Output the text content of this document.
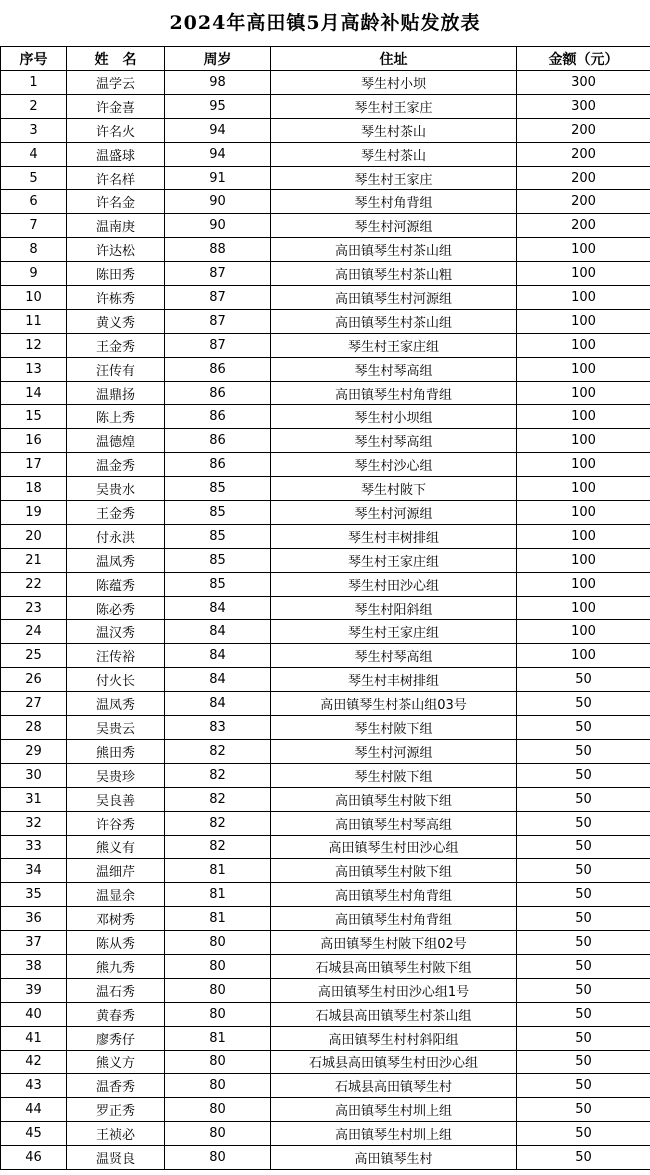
2024年高田镇5月高龄补贴发放表
序号	姓　名	周岁	住址	金额（元）
1	温学云	98	琴生村小坝	300
2	许金喜	95	琴生村王家庄	300
3	许名火	94	琴生村茶山	200
4	温盛球	94	琴生村茶山	200
5	许名样	91	琴生村王家庄	200
6	许名金	90	琴生村角背组	200
7	温南庚	90	琴生村河源组	200
8	许达松	88	高田镇琴生村茶山组	100
9	陈田秀	87	高田镇琴生村茶山粗	100
10	许栋秀	87	高田镇琴生村河源组	100
11	黄义秀	87	高田镇琴生村茶山组	100
12	王金秀	87	琴生村王家庄组	100
13	汪传有	86	琴生村琴高组	100
14	温鼎扬	86	高田镇琴生村角背组	100
15	陈上秀	86	琴生村小坝组	100
16	温德煌	86	琴生村琴高组	100
17	温金秀	86	琴生村沙心组	100
18	吴贵水	85	琴生村陂下	100
19	王金秀	85	琴生村河源组	100
20	付永洪	85	琴生村丰树排组	100
21	温凤秀	85	琴生村王家庄组	100
22	陈蕴秀	85	琴生村田沙心组	100
23	陈必秀	84	琴生村阳斜组	100
24	温汉秀	84	琴生村王家庄组	100
25	汪传裕	84	琴生村琴高组	100
26	付火长	84	琴生村丰树排组	50
27	温凤秀	84	高田镇琴生村茶山组03号	50
28	吴贵云	83	琴生村陂下组	50
29	熊田秀	82	琴生村河源组	50
30	吴贵珍	82	琴生村陂下组	50
31	吴良善	82	高田镇琴生村陂下组	50
32	许谷秀	82	高田镇琴生村琴高组	50
33	熊义有	82	高田镇琴生村田沙心组	50
34	温细芹	81	高田镇琴生村陂下组	50
35	温显余	81	高田镇琴生村角背组	50
36	邓树秀	81	高田镇琴生村角背组	50
37	陈从秀	80	高田镇琴生村陂下组02号	50
38	熊九秀	80	石城县高田镇琴生村陂下组	50
39	温石秀	80	高田镇琴生村田沙心组1号	50
40	黄春秀	80	石城县高田镇琴生村茶山组	50
41	廖秀仔	81	高田镇琴生村村斜阳组	50
42	熊义方	80	石城县高田镇琴生村田沙心组	50
43	温香秀	80	石城县高田镇琴生村	50
44	罗正秀	80	高田镇琴生村圳上组	50
45	王祯必	80	高田镇琴生村圳上组	50
46	温贤良	80	高田镇琴生村	50
